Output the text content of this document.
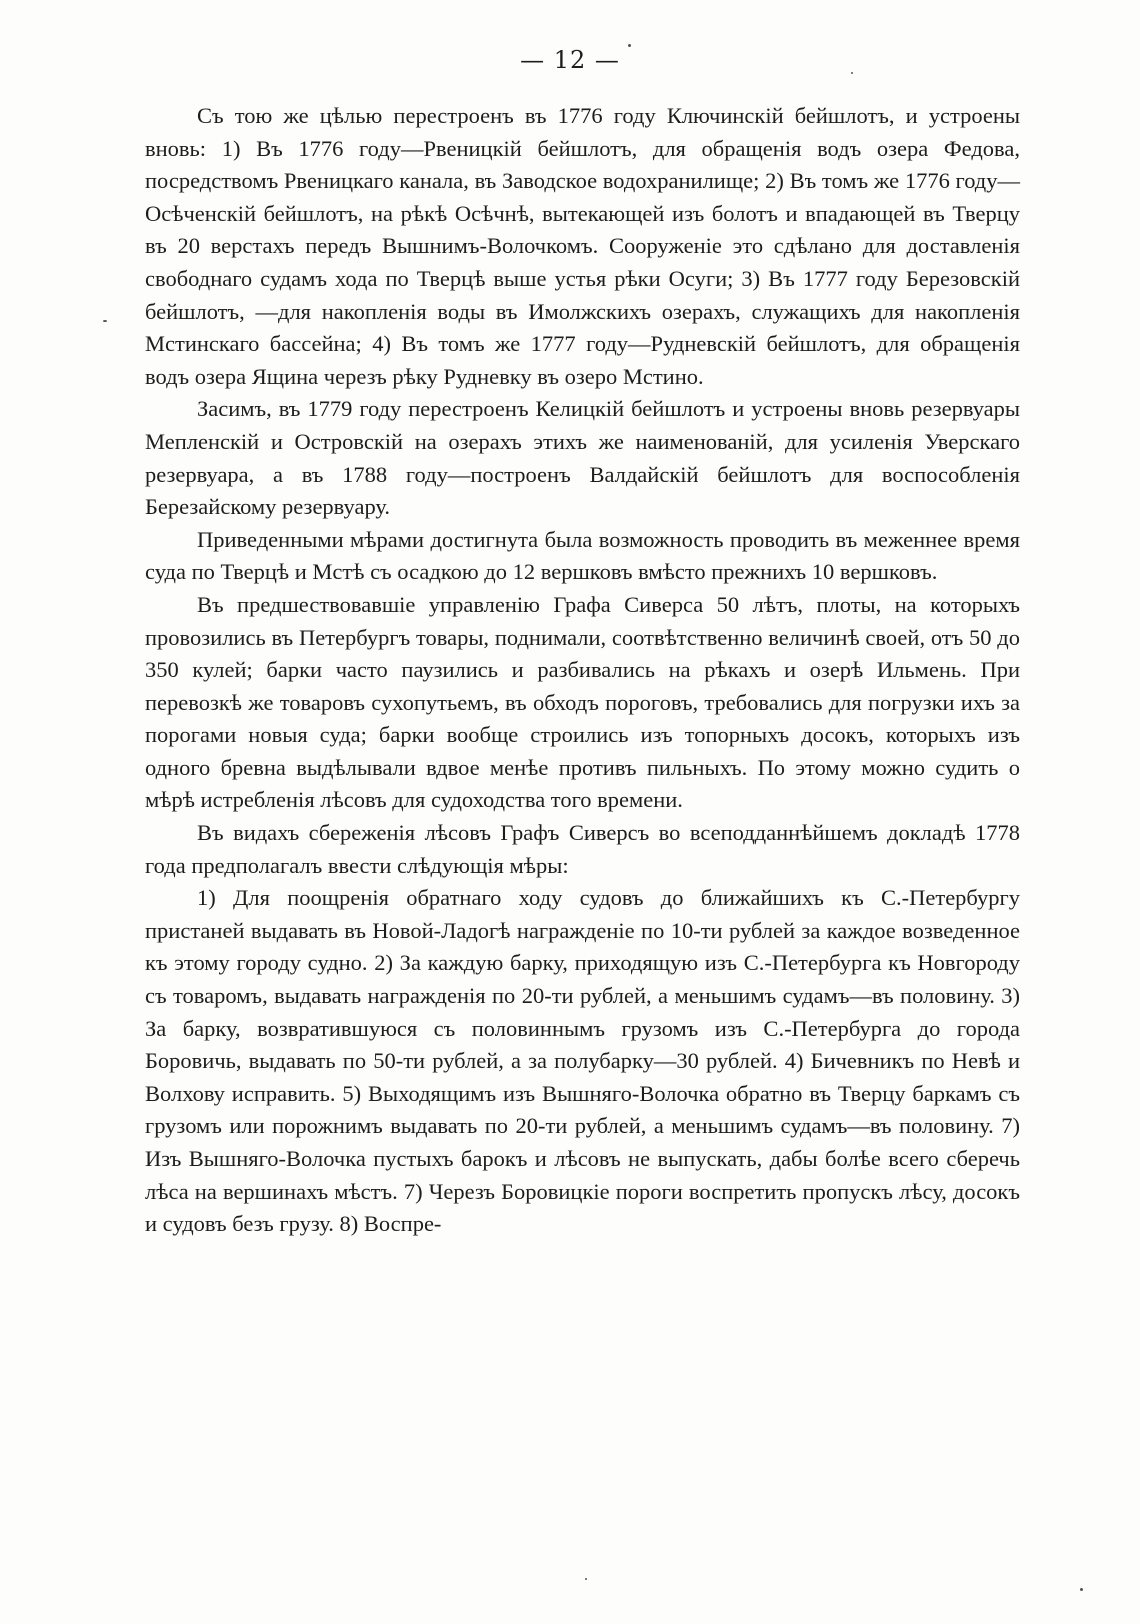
— 12 —

Съ тою же цѣлью перестроенъ въ 1776 году Ключинскій бейшлотъ, и устроены вновь: 1) Въ 1776 году—Рвеницкій бейшлотъ, для обращенія водъ озера Федова, посредствомъ Рвеницкаго канала, въ Заводское водохранилище; 2) Въ томъ же 1776 году—Осѣченскій бейшлотъ, на рѣкѣ Осѣчнѣ, вытекающей изъ болотъ и впадающей въ Тверцу въ 20 верстахъ передъ Вышнимъ-Волочкомъ. Сооруженіе это сдѣлано для доставленія свободнаго судамъ хода по Тверцѣ выше устья рѣки Осуги; 3) Въ 1777 году Березовскій бейшлотъ, —для накопленія воды въ Имолжскихъ озерахъ, служащихъ для накопленія Мстинскаго бассейна; 4) Въ томъ же 1777 году—Рудневскій бейшлотъ, для обращенія водъ озера Ящина черезъ рѣку Рудневку въ озеро Мстино.

Засимъ, въ 1779 году перестроенъ Келицкій бейшлотъ и устроены вновь резервуары Мепленскій и Островскій на озерахъ этихъ же наименованій, для усиленія Уверскаго резервуара, а въ 1788 году—построенъ Валдайскій бейшлотъ для воспособленія Березайскому резервуару.

Приведенными мѣрами достигнута была возможность проводить въ меженнее время суда по Тверцѣ и Мстѣ съ осадкою до 12 вершковъ вмѣсто прежнихъ 10 вершковъ.

Въ предшествовавшіе управленію Графа Сиверса 50 лѣтъ, плоты, на которыхъ провозились въ Петербургъ товары, поднимали, соотвѣтственно величинѣ своей, отъ 50 до 350 кулей; барки часто паузились и разбивались на рѣкахъ и озерѣ Ильмень. При перевозкѣ же товаровъ сухопутьемъ, въ обходъ пороговъ, требовались для погрузки ихъ за порогами новыя суда; барки вообще строились изъ топорныхъ досокъ, которыхъ изъ одного бревна выдѣлывали вдвое менѣе противъ пильныхъ. По этому можно судить о мѣрѣ истребленія лѣсовъ для судоходства того времени.

Въ видахъ сбереженія лѣсовъ Графъ Сиверсъ во всеподданнѣйшемъ докладѣ 1778 года предполагалъ ввести слѣдующія мѣры:

1) Для поощренія обратнаго ходу судовъ до ближайшихъ къ С.-Петербургу пристаней выдавать въ Новой-Ладогѣ награжденіе по 10-ти рублей за каждое возведенное къ этому городу судно. 2) За каждую барку, приходящую изъ С.-Петербурга къ Новгороду съ товаромъ, выдавать награжденія по 20-ти рублей, а меньшимъ судамъ—въ половину. 3) За барку, возвратившуюся съ половиннымъ грузомъ изъ С.-Петербурга до города Боровичь, выдавать по 50-ти рублей, а за полубарку—30 рублей. 4) Бичевникъ по Невѣ и Волхову исправить. 5) Выходящимъ изъ Вышняго-Волочка обратно въ Тверцу баркамъ съ грузомъ или порожнимъ выдавать по 20-ти рублей, а меньшимъ судамъ—въ половину. 7) Изъ Вышняго-Волочка пустыхъ барокъ и лѣсовъ не выпускать, дабы болѣе всего сберечь лѣса на вершинахъ мѣстъ. 7) Черезъ Боровицкіе пороги воспретить пропускъ лѣсу, досокъ и судовъ безъ грузу. 8) Воспре-
